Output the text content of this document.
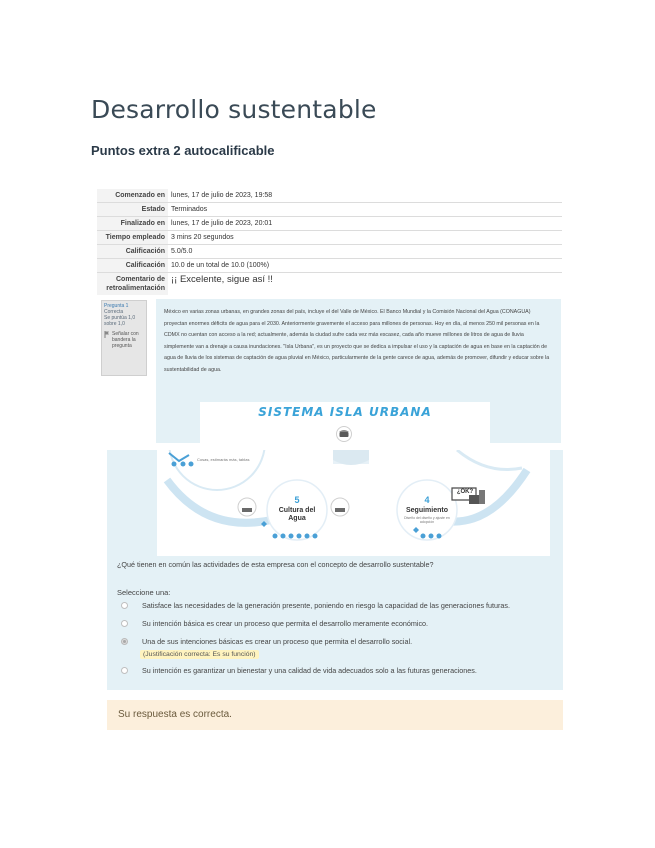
Desarrollo sustentable
Puntos extra 2 autocalificable
Comenzado en	lunes, 17 de julio de 2023, 19:58
Estado	Terminados
Finalizado en	lunes, 17 de julio de 2023, 20:01
Tiempo empleado	3 mins 20 segundos
Calificación	5.0/5.0
Calificación	10.0 de un total de 10.0 (100%)
Comentario de retroalimentación	¡¡ Excelente, sigue así !!
Pregunta 1
Correcta
Se puntúa 1,0 sobre 1,0
Señalar con bandera la pregunta
México en varias zonas urbanas, en grandes zonas del país, incluye el del Valle de México. El Banco Mundial y la Comisión Nacional del Agua (CONAGUA) proyectan enormes déficits de agua para el 2030. Anteriormente gravemente el acceso para millones de personas. Hoy en día, al menos 250 mil personas en la CDMX no cuentan con acceso a la red; actualmente, además la ciudad sufre cada vez más escasez, cada año mueve millones de litros de agua de lluvia simplemente van a drenaje a causa inundaciones. "Isla Urbana", es un proyecto que se dedica a impulsar el uso y la captación de agua en base en la captación de agua de lluvia de los sistemas de captación de agua pluvial en México, particularmente de la gente carece de agua, además de promover, difundir y educar sobre la sustentabilidad de agua.
SISTEMA ISLA URBANA
Cosas, estimarás más, tablas
5
Cultura del Agua
4
Seguimiento
Diseño del diseño y ajuste en adopción
¿OK?
¿Qué tienen en común las actividades de esta empresa con el concepto de desarrollo sustentable?
Seleccione una:
Satisface las necesidades de la generación presente, poniendo en riesgo la capacidad de las generaciones futuras.
Su intención básica es crear un proceso que permita el desarrollo meramente económico.
Una de sus intenciones básicas es crear un proceso que permita el desarrollo social.
(Justificación correcta: Es su función)
Su intención es garantizar un bienestar y una calidad de vida adecuados solo a las futuras generaciones.
Su respuesta es correcta.
